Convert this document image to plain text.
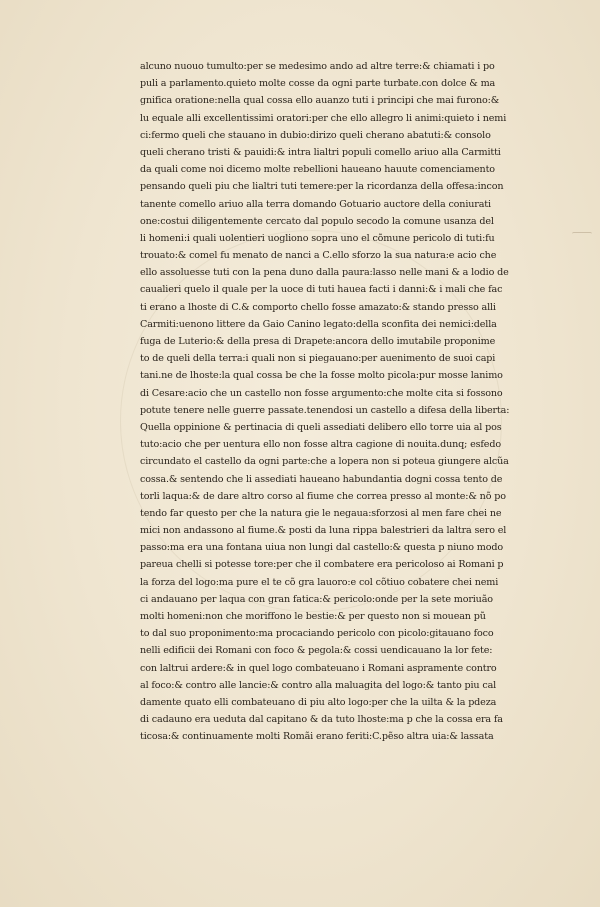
alcuno nuouo tumulto:per se medesimo ando ad altre terre:& chiamati i po
puli a parlamento.quieto molte cosse da ogni parte turbate.con dolce & ma
gnifica oratione:nella qual cossa ello auanzo tuti i principi che mai furono:&
lu equale alli excellentissimi oratori:per che ello allegro li animi:quieto i nemi
ci:fermo queli che stauano in dubio:dirizo queli cherano abatuti:& consolo
queli cherano tristi & pauidi:& intra lialtri populi comello ariuo alla Carmitti
da quali come noi dicemo molte rebellioni haueano hauute comenciamento
pensando queli piu che lialtri tuti temere:per la ricordanza della offesa:incon
tanente comello ariuo alla terra domando Gotuario auctore della coniurati
one:costui diligentemente cercato dal populo secodo la comune usanza del
li homeni:i quali uolentieri uogliono sopra uno el cõmune pericolo di tuti:fu
trouato:& comel fu menato de nanci a C.ello sforzo la sua natura:e acio che
ello assoluesse tuti con la pena duno dalla paura:lasso nelle mani & a lodio de
caualieri quelo il quale per la uoce di tuti hauea facti i danni:& i mali che fac
ti erano a lhoste di C.& comporto chello fosse amazato:& stando presso alli
Carmiti:uenono littere da Gaio Canino legato:della sconfita dei nemici:della
fuga de Luterio:& della presa di Drapete:ancora dello imutabile proponime
to de queli della terra:i quali non si piegauano:per auenimento de suoi capi
tani.ne de lhoste:la qual cossa be che la fosse molto picola:pur mosse lanimo
di Cesare:acio che un castello non fosse argumento:che molte cita si fossono
potute tenere nelle guerre passate.tenendosi un castello a difesa della liberta:
Quella oppinione & pertinacia di queli assediati delibero ello torre uia al pos
tuto:acio che per uentura ello non fosse altra cagione di nouita.dunq; esfedo
circundato el castello da ogni parte:che a lopera non si poteua giungere alcũa
cossa.& sentendo che li assediati haueano habundantia dogni cossa tento de
torli laqua:& de dare altro corso al fiume che correa presso al monte:& nõ po
tendo far questo per che la natura gie le negaua:sforzosi al men fare chei ne
mici non andassono al fiume.& posti da luna rippa balestrieri da laltra sero el
passo:ma era una fontana uiua non lungi dal castello:& questa p niuno modo
pareua chelli si potesse tore:per che il combatere era pericoloso ai Romani p
la forza del logo:ma pure el te cõ gra lauoro:e col cõtiuo cobatere chei nemi
ci andauano per laqua con gran fatica:& pericolo:onde per la sete moriuão
molti homeni:non che moriffono le bestie:& per questo non si mouean pũ
to dal suo proponimento:ma procaciando pericolo con picolo:gitauano foco
nelli edificii dei Romani con foco & pegola:& cossi uendicauano la lor fete:
con laltrui ardere:& in quel logo combateuano i Romani aspramente contro
al foco:& contro alle lancie:& contro alla maluagita del logo:& tanto piu cal
damente quato elli combateuano di piu alto logo:per che la uilta & la pdeza
di cadauno era ueduta dal capitano & da tuto lhoste:ma p che la cossa era fa
ticosa:& continuamente molti Romãi erano feriti:C.pẽso altra uia:& lassata
